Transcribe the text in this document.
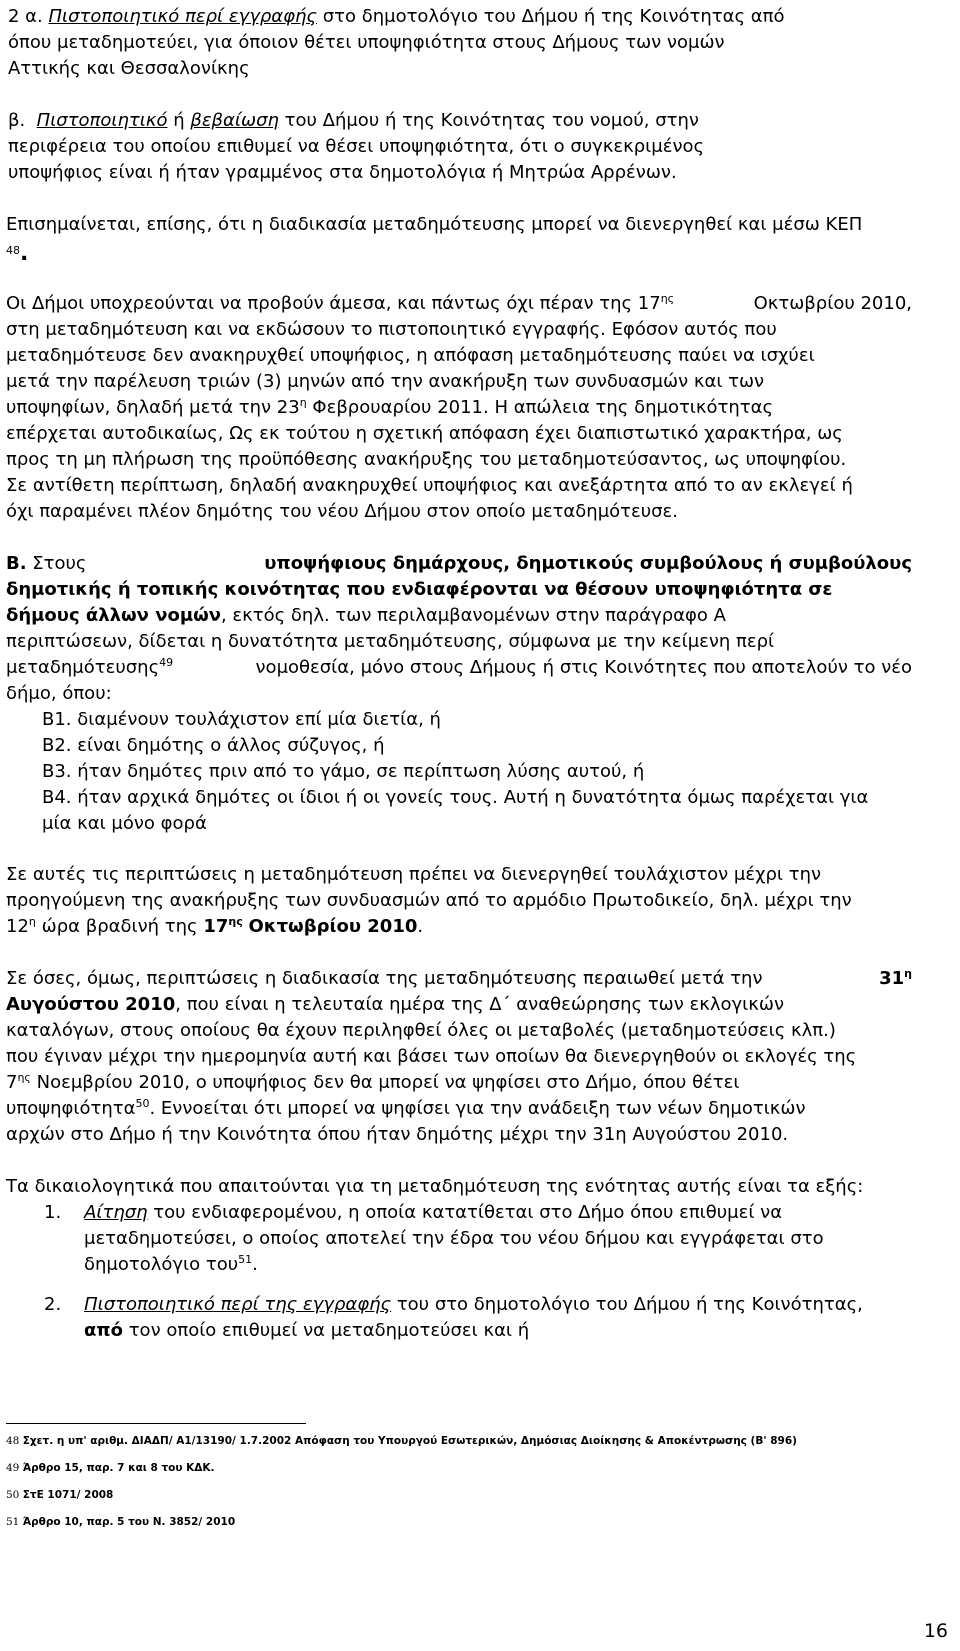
2 α. Πιστοποιητικό περί εγγραφής στο δημοτολόγιο του Δήμου ή της Κοινότητας από
όπου μεταδημοτεύει, για όποιον θέτει υποψηφιότητα στους Δήμους των νομών
Αττικής και Θεσσαλονίκης
β. Πιστοποιητικό ή βεβαίωση του Δήμου ή της Κοινότητας του νομού, στην
περιφέρεια του οποίου επιθυμεί να θέσει υποψηφιότητα, ότι ο συγκεκριμένος
υποψήφιος είναι ή ήταν γραμμένος στα δημοτολόγια ή Μητρώα Αρρένων.
Επισημαίνεται, επίσης, ότι η διαδικασία μεταδημότευσης μπορεί να διενεργηθεί και μέσω ΚΕΠ
$^{48}$.
Οι Δήμοι υποχρεούνται να προβούν άμεσα, και πάντως όχι πέραν της $17^{\eta\varsigma}$	Οκτωβρίου 2010,
στη μεταδημότευση και να εκδώσουν το πιστοποιητικό εγγραφής. Εφόσον αυτός που
μεταδημότευσε δεν ανακηρυχθεί υποψήφιος, η απόφαση μεταδημότευσης παύει να ισχύει
μετά την παρέλευση τριών (3) μηνών από την ανακήρυξη των συνδυασμών και των
υποψηφίων, δηλαδή μετά την $23^\eta$ Φεβρουαρίου 2011. Η απώλεια της δημοτικότητας
επέρχεται αυτοδικαίως, Ως εκ τούτου η σχετική απόφαση έχει διαπιστωτικό χαρακτήρα, ως
προς τη μη πλήρωση της προϋπόθεσης ανακήρυξης του μεταδημοτεύσαντος, ως υποψηφίου.
Σε αντίθετη περίπτωση, δηλαδή ανακηρυχθεί υποψήφιος και ανεξάρτητα από το αν εκλεγεί ή
όχι παραμένει πλέον δημότης του νέου Δήμου στον οποίο μεταδημότευσε.
Β. Στους	υποψήφιους δημάρχους, δημοτικούς συμβούλους ή συμβούλους
δημοτικής ή τοπικής κοινότητας που ενδιαφέρονται να θέσουν υποψηφιότητα σε
δήμους άλλων νομών, εκτός δηλ. των περιλαμβανομένων στην παράγραφο Α
περιπτώσεων, δίδεται η δυνατότητα μεταδημότευσης, σύμφωνα με την κείμενη περί
μεταδημότευσης$^{49}$	νομοθεσία, μόνο στους Δήμους ή στις Κοινότητες που αποτελούν το νέο
δήμο, όπου:
Β1. διαμένουν τουλάχιστον επί μία διετία, ή
Β2. είναι δημότης ο άλλος σύζυγος, ή
Β3. ήταν δημότες πριν από το γάμο, σε περίπτωση λύσης αυτού, ή
Β4. ήταν αρχικά δημότες οι ίδιοι ή οι γονείς τους. Αυτή η δυνατότητα όμως παρέχεται για
μία και μόνο φορά
Σε αυτές τις περιπτώσεις η μεταδημότευση πρέπει να διενεργηθεί τουλάχιστον μέχρι την
προηγούμενη της ανακήρυξης των συνδυασμών από το αρμόδιο Πρωτοδικείο, δηλ. μέχρι την
$12^\eta$ ώρα βραδινή της $17^{\eta\varsigma}$ Οκτωβρίου 2010.
Σε όσες, όμως, περιπτώσεις η διαδικασία της μεταδημότευσης περαιωθεί μετά την	$31^\eta$
Αυγούστου 2010, που είναι η τελευταία ημέρα της Δ΄ αναθεώρησης των εκλογικών
καταλόγων, στους οποίους θα έχουν περιληφθεί όλες οι μεταβολές (μεταδημοτεύσεις κλπ.)
που έγιναν μέχρι την ημερομηνία αυτή και βάσει των οποίων θα διενεργηθούν οι εκλογές της
$7^{\eta\varsigma}$ Νοεμβρίου 2010, ο υποψήφιος δεν θα μπορεί να ψηφίσει στο Δήμο, όπου θέτει
υποψηφιότητα$^{50}$. Εννοείται ότι μπορεί να ψηφίσει για την ανάδειξη των νέων δημοτικών
αρχών στο Δήμο ή την Κοινότητα όπου ήταν δημότης μέχρι την 31η Αυγούστου 2010.
Τα δικαιολογητικά που απαιτούνται για τη μεταδημότευση της ενότητας αυτής είναι τα εξής:
1. Αίτηση του ενδιαφερομένου, η οποία κατατίθεται στο Δήμο όπου επιθυμεί να
μεταδημοτεύσει, ο οποίος αποτελεί την έδρα του νέου δήμου και εγγράφεται στο
δημοτολόγιο του$^{51}$.
2. Πιστοποιητικό περί της εγγραφής του στο δημοτολόγιο του Δήμου ή της Κοινότητας,
από τον οποίο επιθυμεί να μεταδημοτεύσει και ή
48 Σχετ. η υπ' αριθμ. ΔΙΑΔΠ/ Α1/13190/ 1.7.2002 Απόφαση του Υπουργού Εσωτερικών, Δημόσιας Διοίκησης & Αποκέντρωσης (Β' 896)
49 Άρθρο 15, παρ. 7 και 8 του ΚΔΚ.
50 ΣτΕ 1071/ 2008
51 Άρθρο 10, παρ. 5 του Ν. 3852/ 2010
16
